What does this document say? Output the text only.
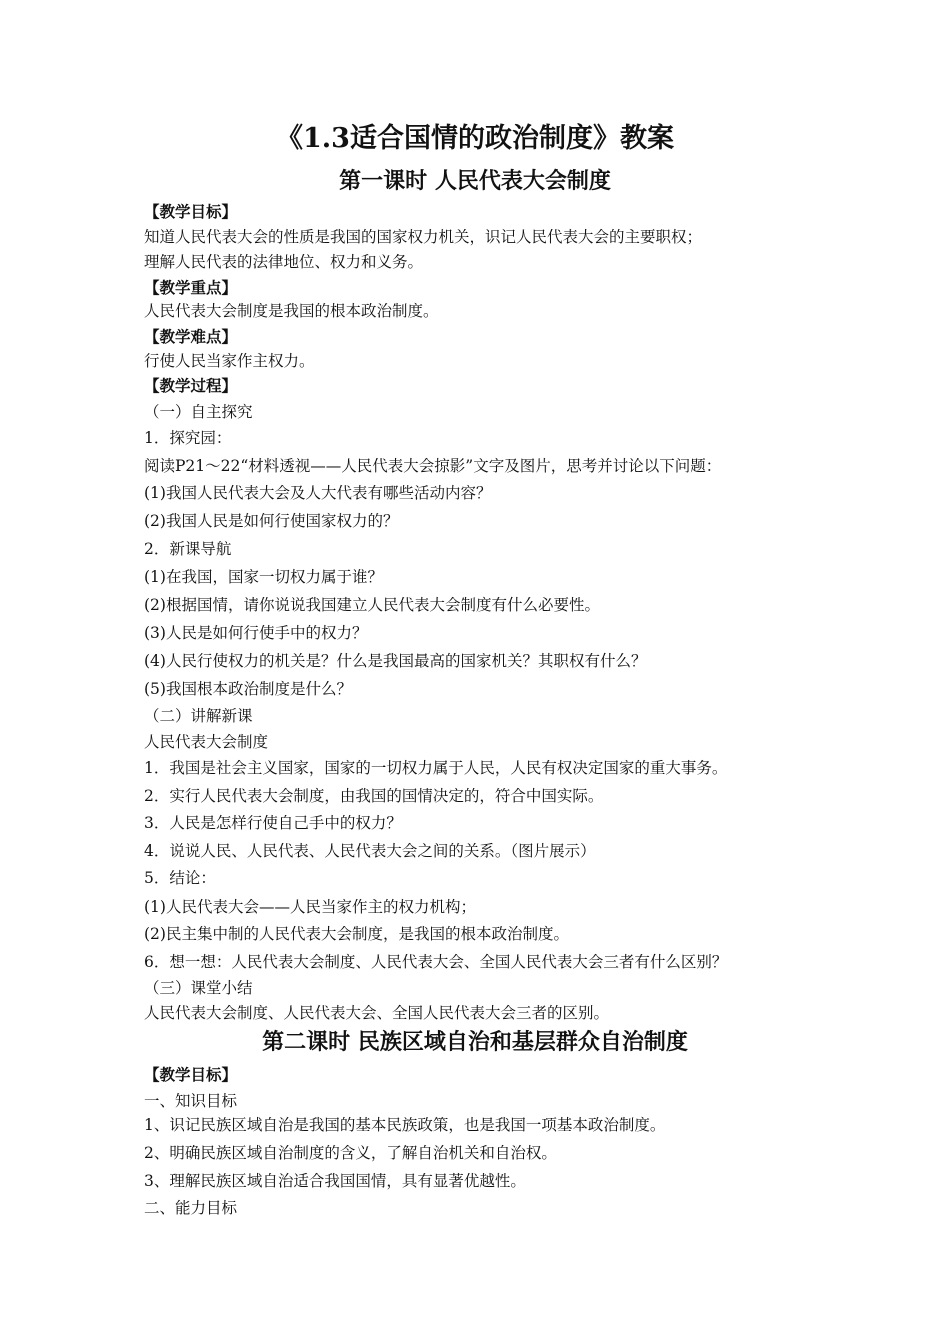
《1.3适合国情的政治制度》教案
第一课时 人民代表大会制度
【教学目标】
知道人民代表大会的性质是我国的国家权力机关，识记人民代表大会的主要职权；
理解人民代表的法律地位、权力和义务。
【教学重点】
人民代表大会制度是我国的根本政治制度。
【教学难点】
行使人民当家作主权力。
【教学过程】
（一）自主探究
1．探究园：
阅读P21～22“材料透视——人民代表大会掠影”文字及图片，思考并讨论以下问题：
(1)我国人民代表大会及人大代表有哪些活动内容？
(2)我国人民是如何行使国家权力的？
2．新课导航
(1)在我国，国家一切权力属于谁？
(2)根据国情，请你说说我国建立人民代表大会制度有什么必要性。
(3)人民是如何行使手中的权力？
(4)人民行使权力的机关是？什么是我国最高的国家机关？其职权有什么？
(5)我国根本政治制度是什么？
（二）讲解新课
人民代表大会制度
1．我国是社会主义国家，国家的一切权力属于人民，人民有权决定国家的重大事务。
2．实行人民代表大会制度，由我国的国情决定的，符合中国实际。
3．人民是怎样行使自己手中的权力？
4．说说人民、人民代表、人民代表大会之间的关系。（图片展示）
5．结论：
(1)人民代表大会——人民当家作主的权力机构；
(2)民主集中制的人民代表大会制度，是我国的根本政治制度。
6．想一想：人民代表大会制度、人民代表大会、全国人民代表大会三者有什么区别？
（三）课堂小结
人民代表大会制度、人民代表大会、全国人民代表大会三者的区别。
第二课时 民族区域自治和基层群众自治制度
【教学目标】
一、知识目标
1、识记民族区域自治是我国的基本民族政策，也是我国一项基本政治制度。
2、明确民族区域自治制度的含义，了解自治机关和自治权。
3、理解民族区域自治适合我国国情，具有显著优越性。
二、能力目标
